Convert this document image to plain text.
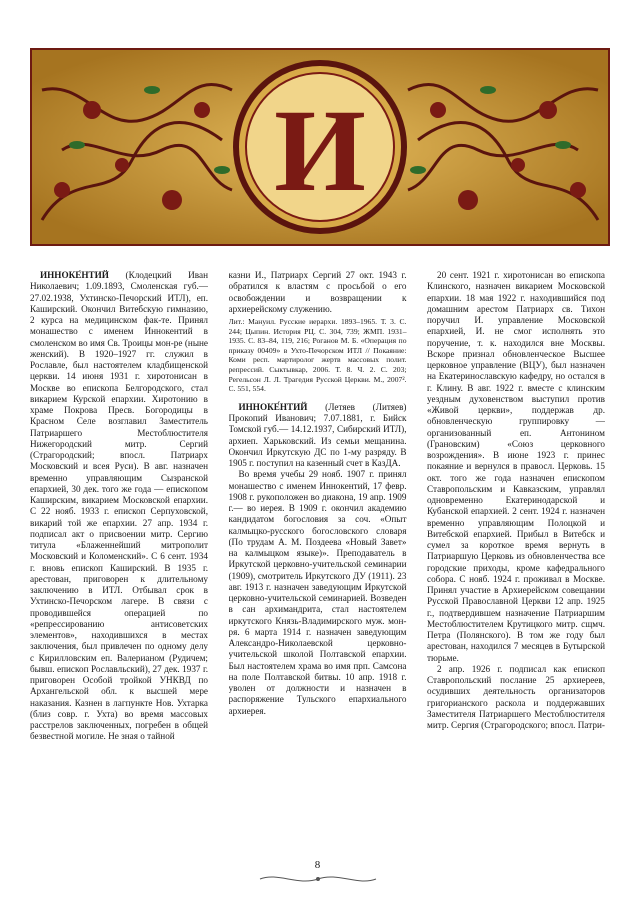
И

ИННОКЕ́НТИЙ (Клодецкий Иван Николаевич; 1.09.1893, Смоленская губ.— 27.02.1938, Ухтинско-Печорский ИТЛ), еп. Каширский. Окончил Витебскую гимназию, 2 курса на медицинском фак-те. Принял монашество с именем Иннокентий в смоленском во имя Св. Троицы мон-ре (ныне женский). В 1920–1927 гг. служил в Рославле, был настоятелем кладбищенской церкви. 14 июня 1931 г. хиротонисан в Москве во епископа Белгородского, стал викарием Курской епархии. Хиротонию в храме Покрова Пресв. Богородицы в Красном Селе возглавил Заместитель Патриаршего Местоблюстителя Нижегородский митр. Сергий (Страгородский; впосл. Патриарх Московский и всея Руси). В авг. назначен временно управляющим Сызранской епархией, 30 дек. того же года — епископом Каширским, викарием Московской епархии. С 22 нояб. 1933 г. епископ Серпуховской, викарий той же епархии. 27 апр. 1934 г. подписал акт о присвоении митр. Сергию титула «Блаженнейший митрополит Московский и Коломенский». С 6 сент. 1934 г. вновь епископ Каширский. В 1935 г. арестован, приговорен к длительному заключению в ИТЛ. Отбывал срок в Ухтинско-Печорском лагере. В связи с проводившейся операцией по «репрессированию антисоветских элементов», находившихся в местах заключения, был привлечен по одному делу с Кирилловским еп. Валерианом (Рудичем; бывш. епископ Рославльский), 27 дек. 1937 г. приговорен Особой тройкой УНКВД по Архангельской обл. к высшей мере наказания. Казнен в лагпункте Нов. Ухтарка (близ совр. г. Ухта) во время массовых расстрелов заключенных, погребен в общей безвестной могиле. Не зная о тайной

казни И., Патриарх Сергий 27 окт. 1943 г. обратился к властям с просьбой о его освобождении и возвращении к архиерейскому служению.

Лит.: Мануил. Русские иерархи. 1893–1965. Т. 3. С. 244; Цыпин. История РЦ. С. 304, 739; ЖМП. 1931–1935. С. 83–84, 119, 216; Роганов М. Б. «Операция по приказу 00409» в Ухто-Печорском ИТЛ // Покаяние: Коми респ. мартиролог жертв массовых полит. репрессий. Сыктывкар, 2006. Т. 8. Ч. 2. С. 203; Регельсон Л. Л. Трагедия Русской Церкви. М., 2007². С. 551, 554.

ИННОКЕ́НТИЙ (Летяев (Литяев) Прокопий Иванович; 7.07.1881, г. Бийск Томской губ.— 14.12.1937, Сибирский ИТЛ), архиеп. Харьковский. Из семьи мещанина. Окончил Иркутскую ДС по 1-му разряду. В 1905 г. поступил на казенный счет в КазДА.

Во время учебы 29 нояб. 1907 г. принял монашество с именем Иннокентий, 17 февр. 1908 г. рукоположен во диакона, 19 апр. 1909 г.— во иерея. В 1909 г. окончил академию кандидатом богословия за соч. «Опыт калмыцко-русского богословского словаря (По трудам А. М. Поздеева «Новый Завет» на калмыцком языке)». Преподаватель в Иркутской церковно-учительской семинарии (1909), смотритель Иркутского ДУ (1911). 23 авг. 1913 г. назначен заведующим Иркутской церковно-учительской семинарией. Возведен в сан архимандрита, стал настоятелем иркутского Князь-Владимирского муж. мон-ря. 6 марта 1914 г. назначен заведующим Александро-Николаевской церковно-учительской школой Полтавской епархии. Был настоятелем храма во имя прп. Самсона на поле Полтавской битвы. 10 апр. 1918 г. уволен от должности и назначен в распоряжение Тульского епархиального архиерея.

20 сент. 1921 г. хиротонисан во епископа Клинского, назначен викарием Московской епархии. 18 мая 1922 г. находившийся под домашним арестом Патриарх св. Тихон поручил И. управление Московской епархией, И. не смог исполнять это поручение, т. к. находился вне Москвы. Вскоре признал обновленческое Высшее церковное управление (ВЦУ), был назначен на Екатеринославскую кафедру, но остался в г. Клину. В авг. 1922 г. вместе с клинским уездным духовенством выступил против «Живой церкви», поддержав др. обновленческую группировку — организованный еп. Антонином (Грановским) «Союз церковного возрождения». В июне 1923 г. принес покаяние и вернулся в правосл. Церковь. 15 окт. того же года назначен епископом Ставропольским и Кавказским, управлял одновременно Екатеринодарской и Кубанской епархией. 2 сент. 1924 г. назначен временно управляющим Полоцкой и Витебской епархией. Прибыл в Витебск и сумел за короткое время вернуть в Патриаршую Церковь из обновленчества все городские приходы, кроме кафедрального собора. С нояб. 1924 г. проживал в Москве. Принял участие в Архиерейском совещании Русской Православной Церкви 12 апр. 1925 г., подтвердившем назначение Патриаршим Местоблюстителем Крутицкого митр. сщмч. Петра (Полянского). В том же году был арестован, находился 7 месяцев в Бутырской тюрьме.

2 апр. 1926 г. подписал как епископ Ставропольский послание 25 архиереев, осудивших деятельность организаторов григорианского раскола и поддержавших Заместителя Патриаршего Местоблюстителя митр. Сергия (Страгородского; впосл. Патри-

8
